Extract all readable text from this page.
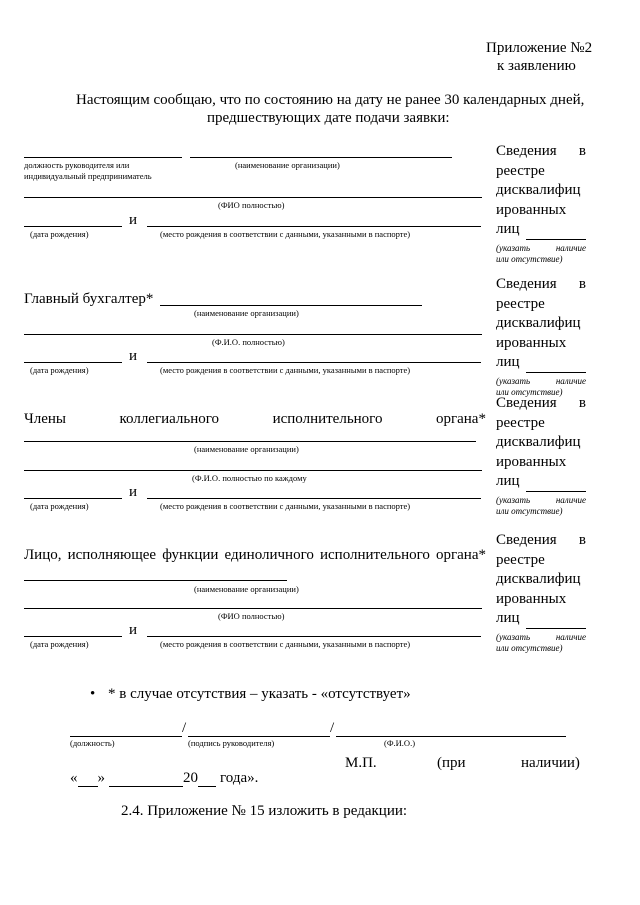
Приложение №2
к заявлению
Настоящим сообщаю, что по состоянию на дату не ранее 30 календарных дней,
предшествующих дате подачи заявки:
должность руководителя или
индивидуальный предприниматель
(наименование организации)
(ФИО полностью)
и
(дата рождения)	(место рождения в соответствии с данными, указанными в паспорте)
Сведения в
реестре
дисквалифиц
ированных
лиц
(указать	наличие
или отсутствие)
Главный бухгалтер*
(наименование организации)
(Ф.И.О. полностью)
и
(дата рождения)	(место рождения в соответствии с данными, указанными в паспорте)
Сведения в
реестре
дисквалифиц
ированных
лиц
(указать	наличие
или отсутствие)
Члены	коллегиального	исполнительного	органа*
(наименование организации)
(Ф.И.О. полностью по каждому
и
(дата рождения)	(место рождения в соответствии с данными, указанными в паспорте)
Сведения в
реестре
дисквалифиц
ированных
лиц
(указать	наличие
или отсутствие)
Лицо, исполняющее функции единоличного исполнительного органа*
(наименование организации)
(ФИО полностью)
и
(дата рождения)	(место рождения в соответствии с данными, указанными в паспорте)
Сведения в
реестре
дисквалифиц
ированных
лиц
(указать	наличие
или отсутствие)
• * в случае отсутствия – указать - «отсутствует»
/	/
(должность)	(подпись руководителя)	(Ф.И.О.)
М.П.	(при	наличии)
« »	20 года».
2.4. Приложение № 15 изложить в редакции:
